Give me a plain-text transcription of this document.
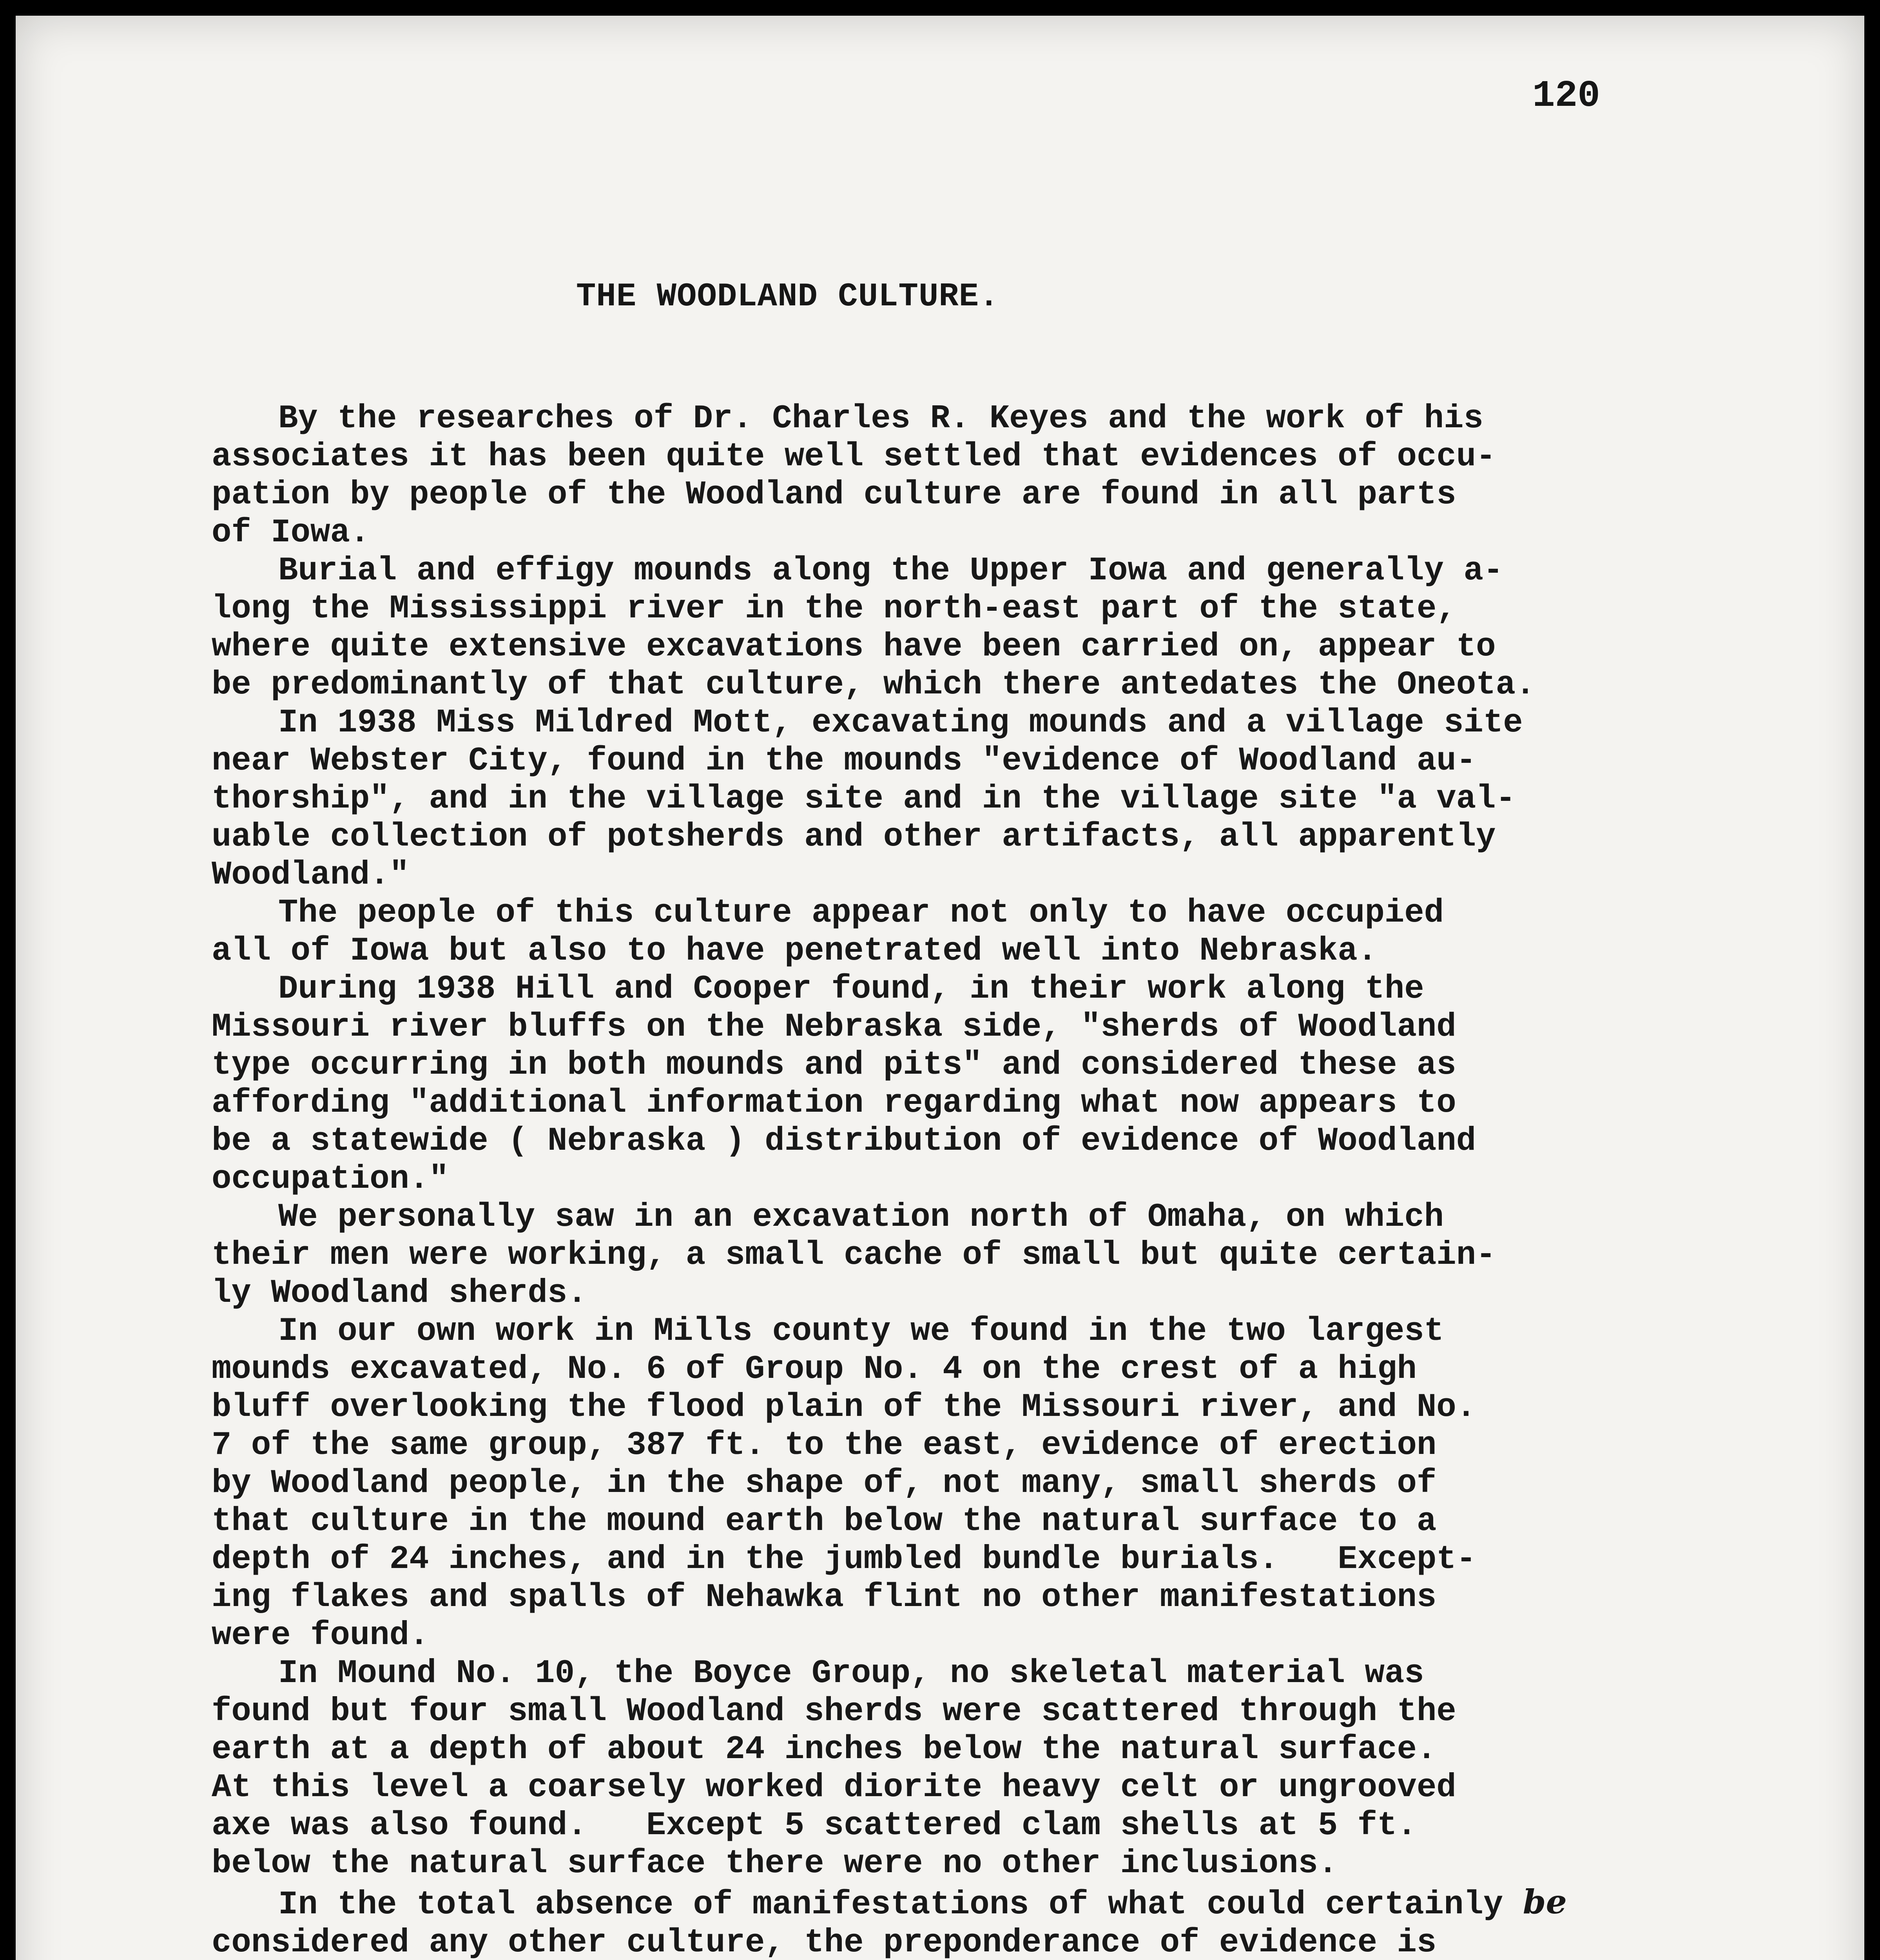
120
THE WOODLAND CULTURE.
By the researches of Dr. Charles R. Keyes and the work of his
associates it has been quite well settled that evidences of occu-
pation by people of the Woodland culture are found in all parts
of Iowa.
Burial and effigy mounds along the Upper Iowa and generally a-
long the Mississippi river in the north-east part of the state,
where quite extensive excavations have been carried on, appear to
be predominantly of that culture, which there antedates the Oneota.
In 1938 Miss Mildred Mott, excavating mounds and a village site
near Webster City, found in the mounds "evidence of Woodland au-
thorship", and in the village site and in the village site "a val-
uable collection of potsherds and other artifacts, all apparently
Woodland."
The people of this culture appear not only to have occupied
all of Iowa but also to have penetrated well into Nebraska.
During 1938 Hill and Cooper found, in their work along the
Missouri river bluffs on the Nebraska side, "sherds of Woodland
type occurring in both mounds and pits" and considered these as
affording "additional information regarding what now appears to
be a statewide ( Nebraska ) distribution of evidence of Woodland
occupation."
We personally saw in an excavation north of Omaha, on which
their men were working, a small cache of small but quite certain-
ly Woodland sherds.
In our own work in Mills county we found in the two largest
mounds excavated, No. 6 of Group No. 4 on the crest of a high
bluff overlooking the flood plain of the Missouri river, and No.
7 of the same group, 387 ft. to the east, evidence of erection
by Woodland people, in the shape of, not many, small sherds of
that culture in the mound earth below the natural surface to a
depth of 24 inches, and in the jumbled bundle burials.   Except-
ing flakes and spalls of Nehawka flint no other manifestations
were found.
In Mound No. 10, the Boyce Group, no skeletal material was
found but four small Woodland sherds were scattered through the
earth at a depth of about 24 inches below the natural surface.
At this level a coarsely worked diorite heavy celt or ungrooved
axe was also found.   Except 5 scattered clam shells at 5 ft.
below the natural surface there were no other inclusions.
In the total absence of manifestations of what could certainly be
considered any other culture, the preponderance of evidence is
